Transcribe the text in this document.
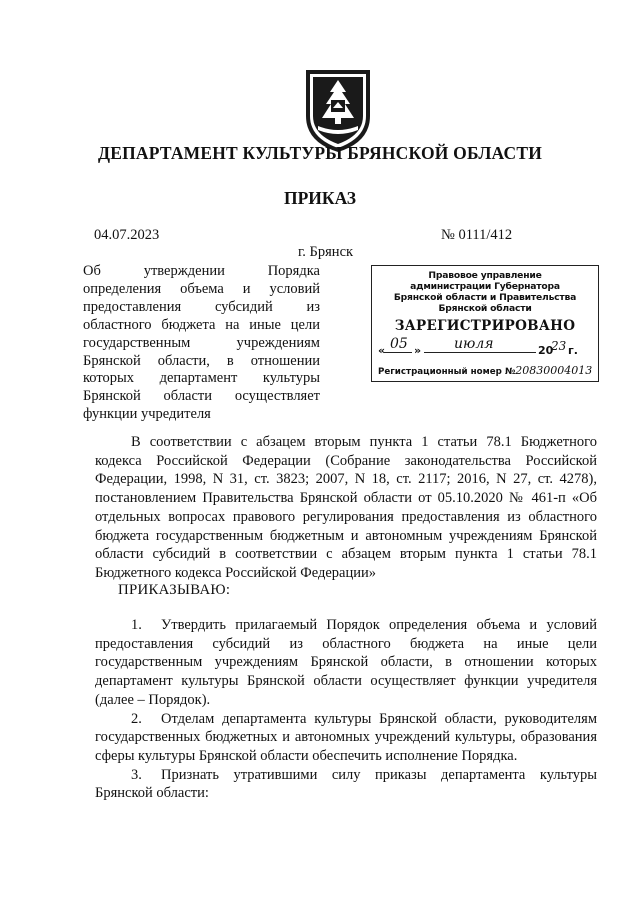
ДЕПАРТАМЕНТ КУЛЬТУРЫ БРЯНСКОЙ ОБЛАСТИ
ПРИКАЗ
04.07.2023	№ 0111/412
г. Брянск
Об утверждении Порядка определения объема и условий предоставления субсидий из областного бюджета на иные цели государственным учреждениям Брянской области, в отношении которых департамент культуры Брянской области осуществляет функции учредителя
Правовое управление
администрации Губернатора
Брянской области и Правительства
Брянской области
ЗАРЕГИСТРИРОВАНО
« 05 » июля	20
23 г.
Регистрационный номер №20830004013
В соответствии с абзацем вторым пункта 1 статьи 78.1 Бюджетного кодекса Российской Федерации (Собрание законодательства Российской Федерации, 1998, N 31, ст. 3823; 2007, N 18, ст. 2117; 2016, N 27, ст. 4278), постановлением Правительства Брянской области от 05.10.2020 № 461-п «Об отдельных вопросах правового регулирования предоставления из областного бюджета государственным бюджетным и автономным учреждениям Брянской области субсидий в соответствии с абзацем вторым пункта 1 статьи 78.1 Бюджетного кодекса Российской Федерации»
ПРИКАЗЫВАЮ:
1. Утвердить прилагаемый Порядок определения объема и условий предоставления субсидий из областного бюджета на иные цели государственным учреждениям Брянской области, в отношении которых департамент культуры Брянской области осуществляет функции учредителя (далее – Порядок).
2. Отделам департамента культуры Брянской области, руководителям государственных бюджетных и автономных учреждений культуры, образования сферы культуры Брянской области обеспечить исполнение Порядка.
3. Признать утратившими силу приказы департамента культуры Брянской области:
